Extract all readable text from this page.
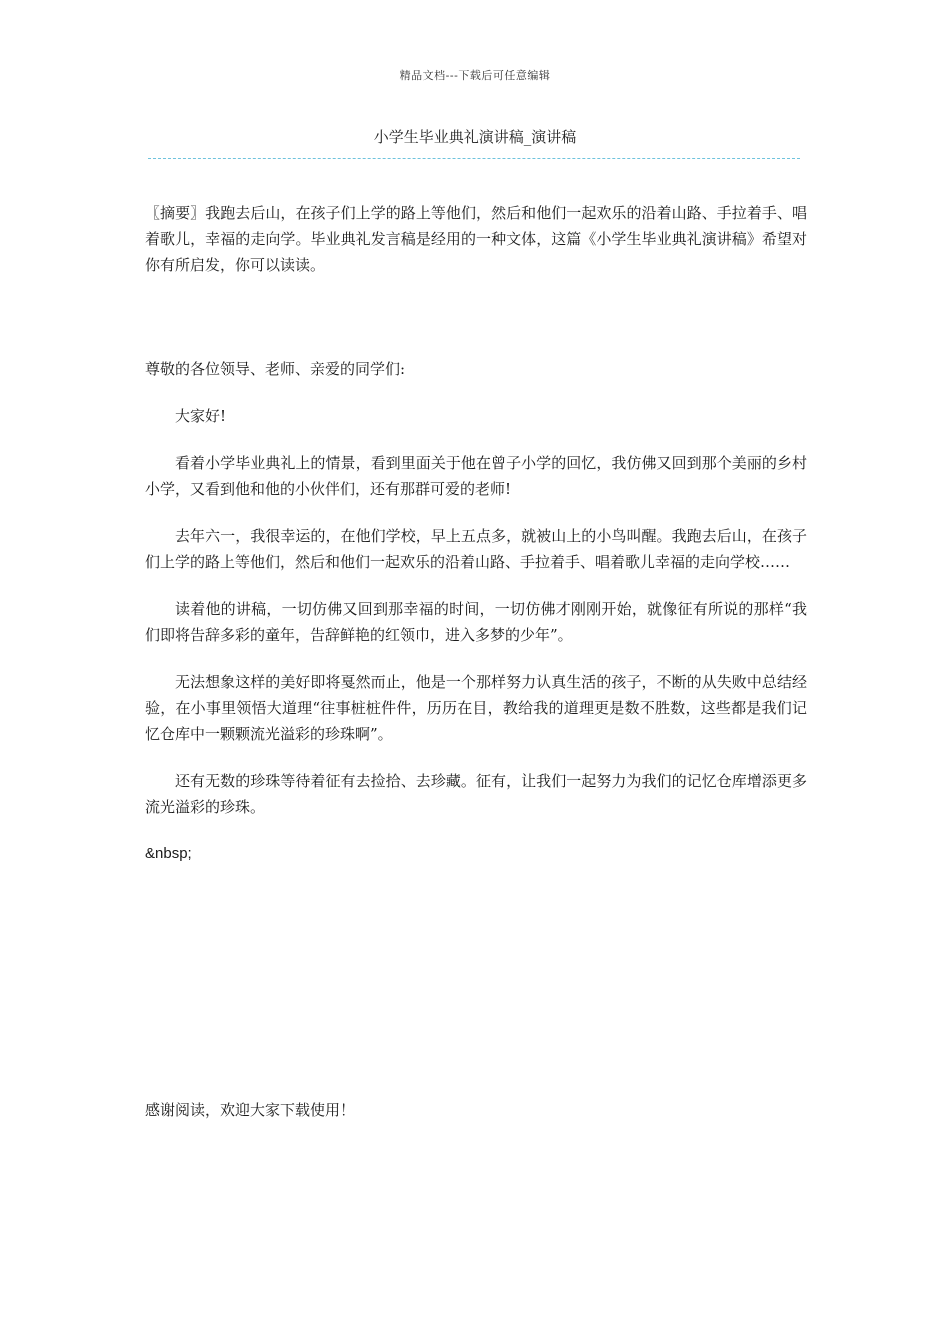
精品文档---下载后可任意编辑
小学生毕业典礼演讲稿_演讲稿

〖摘要〗我跑去后山，在孩子们上学的路上等他们，然后和他们一起欢乐的沿着山路、手拉着手、唱着歌儿，幸福的走向学。毕业典礼发言稿是经用的一种文体，这篇《小学生毕业典礼演讲稿》希望对你有所启发，你可以读读。

尊敬的各位领导、老师、亲爱的同学们:

大家好!

看着小学毕业典礼上的情景，看到里面关于他在曾子小学的回忆，我仿佛又回到那个美丽的乡村小学，又看到他和他的小伙伴们，还有那群可爱的老师!

去年六一，我很幸运的，在他们学校，早上五点多，就被山上的小鸟叫醒。我跑去后山，在孩子们上学的路上等他们，然后和他们一起欢乐的沿着山路、手拉着手、唱着歌儿幸福的走向学校……

读着他的讲稿，一切仿佛又回到那幸福的时间，一切仿佛才刚刚开始，就像征有所说的那样“我们即将告辞多彩的童年，告辞鲜艳的红领巾，进入多梦的少年”。

无法想象这样的美好即将戛然而止，他是一个那样努力认真生活的孩子，不断的从失败中总结经验，在小事里领悟大道理“往事桩桩件件，历历在目，教给我的道理更是数不胜数，这些都是我们记忆仓库中一颗颗流光溢彩的珍珠啊”。

还有无数的珍珠等待着征有去捡拾、去珍藏。征有，让我们一起努力为我们的记忆仓库增添更多流光溢彩的珍珠。

&nbsp;

感谢阅读，欢迎大家下载使用！
